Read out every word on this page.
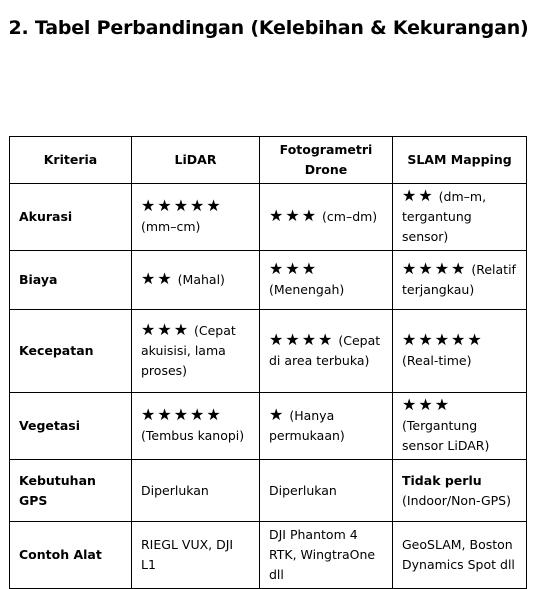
2. Tabel Perbandingan (Kelebihan & Kekurangan)
Kriteria	LiDAR	Fotogrametri Drone	SLAM Mapping
Akurasi	★★★★★ (mm–cm)	★★★ (cm–dm)	★★ (dm–m, tergantung sensor)
Biaya	★★ (Mahal)	★★★ (Menengah)	★★★★ (Relatif terjangkau)
Kecepatan	★★★ (Cepat akuisisi, lama proses)	★★★★ (Cepat di area terbuka)	★★★★★ (Real-time)
Vegetasi	★★★★★ (Tembus kanopi)	★ (Hanya permukaan)	★★★ (Tergantung sensor LiDAR)
Kebutuhan GPS	Diperlukan	Diperlukan	Tidak perlu (Indoor/Non-GPS)
Contoh Alat	RIEGL VUX, DJI L1	DJI Phantom 4 RTK, WingtraOne dll	GeoSLAM, Boston Dynamics Spot dll
